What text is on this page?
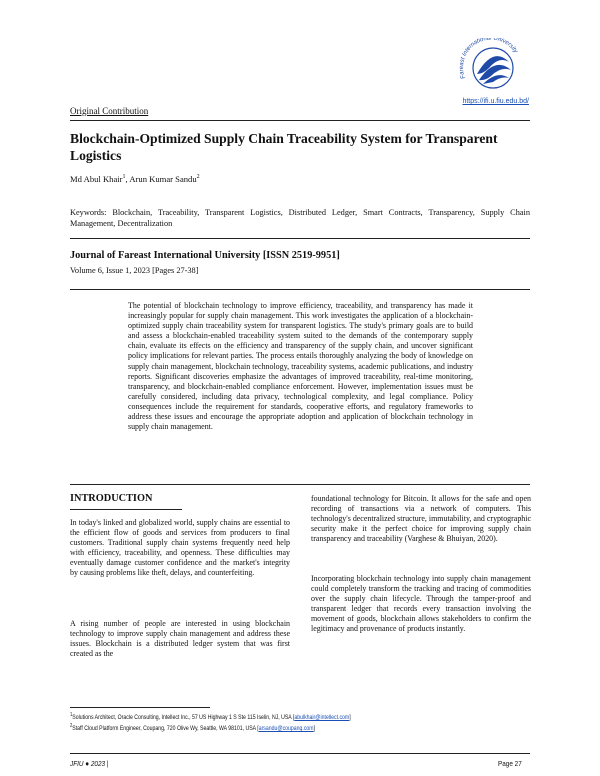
Fareast International University
https://ifi.u.fiu.edu.bd/
Original Contribution
Blockchain-Optimized Supply Chain Traceability System for Transparent Logistics
Md Abul Khair$^1$, Arun Kumar Sandu$^2$
Keywords: Blockchain, Traceability, Transparent Logistics, Distributed Ledger, Smart Contracts, Transparency, Supply Chain Management, Decentralization
Journal of Fareast International University [ISSN 2519-9951]
Volume 6, Issue 1, 2023 [Pages 27-38]
The potential of blockchain technology to improve efficiency, traceability, and transparency has made it increasingly popular for supply chain management. This work investigates the application of a blockchain-optimized supply chain traceability system for transparent logistics. The study's primary goals are to build and assess a blockchain-enabled traceability system suited to the demands of the contemporary supply chain, evaluate its effects on the efficiency and transparency of the supply chain, and uncover significant policy implications for relevant parties. The process entails thoroughly analyzing the body of knowledge on supply chain management, blockchain technology, traceability systems, academic publications, and industry reports. Significant discoveries emphasize the advantages of improved traceability, real-time monitoring, transparency, and blockchain-enabled compliance enforcement. However, implementation issues must be carefully considered, including data privacy, technological complexity, and legal compliance. Policy consequences include the requirement for standards, cooperative efforts, and regulatory frameworks to address these issues and encourage the appropriate adoption and application of blockchain technology in supply chain management.
INTRODUCTION
In today's linked and globalized world, supply chains are essential to the efficient flow of goods and services from producers to final customers. Traditional supply chain systems frequently need help with efficiency, traceability, and openness. These difficulties may eventually damage customer confidence and the market's integrity by causing problems like theft, delays, and counterfeiting.
A rising number of people are interested in using blockchain technology to improve supply chain management and address these issues. Blockchain is a distributed ledger system that was first created as the
foundational technology for Bitcoin. It allows for the safe and open recording of transactions via a network of computers. This technology's decentralized structure, immutability, and cryptographic security make it the perfect choice for improving supply chain transparency and traceability (Varghese & Bhuiyan, 2020).
Incorporating blockchain technology into supply chain management could completely transform the tracking and tracing of commodities over the supply chain lifecycle. Through the tamper-proof and transparent ledger that records every transaction involving the movement of goods, blockchain allows stakeholders to confirm the legitimacy and provenance of products instantly.
$^1$Solutions Architect, Oracle Consulting, Intellect Inc., 57 US Highway 1 S Ste 115 Iselin, NJ, USA [abulkhair@intellect.com]
$^2$Staff Cloud Platform Engineer, Coupang, 720 Olive Wy, Seattle, WA 98101, USA [arsandu@coupang.com]
JFIU ● 2023 |	Page 27
